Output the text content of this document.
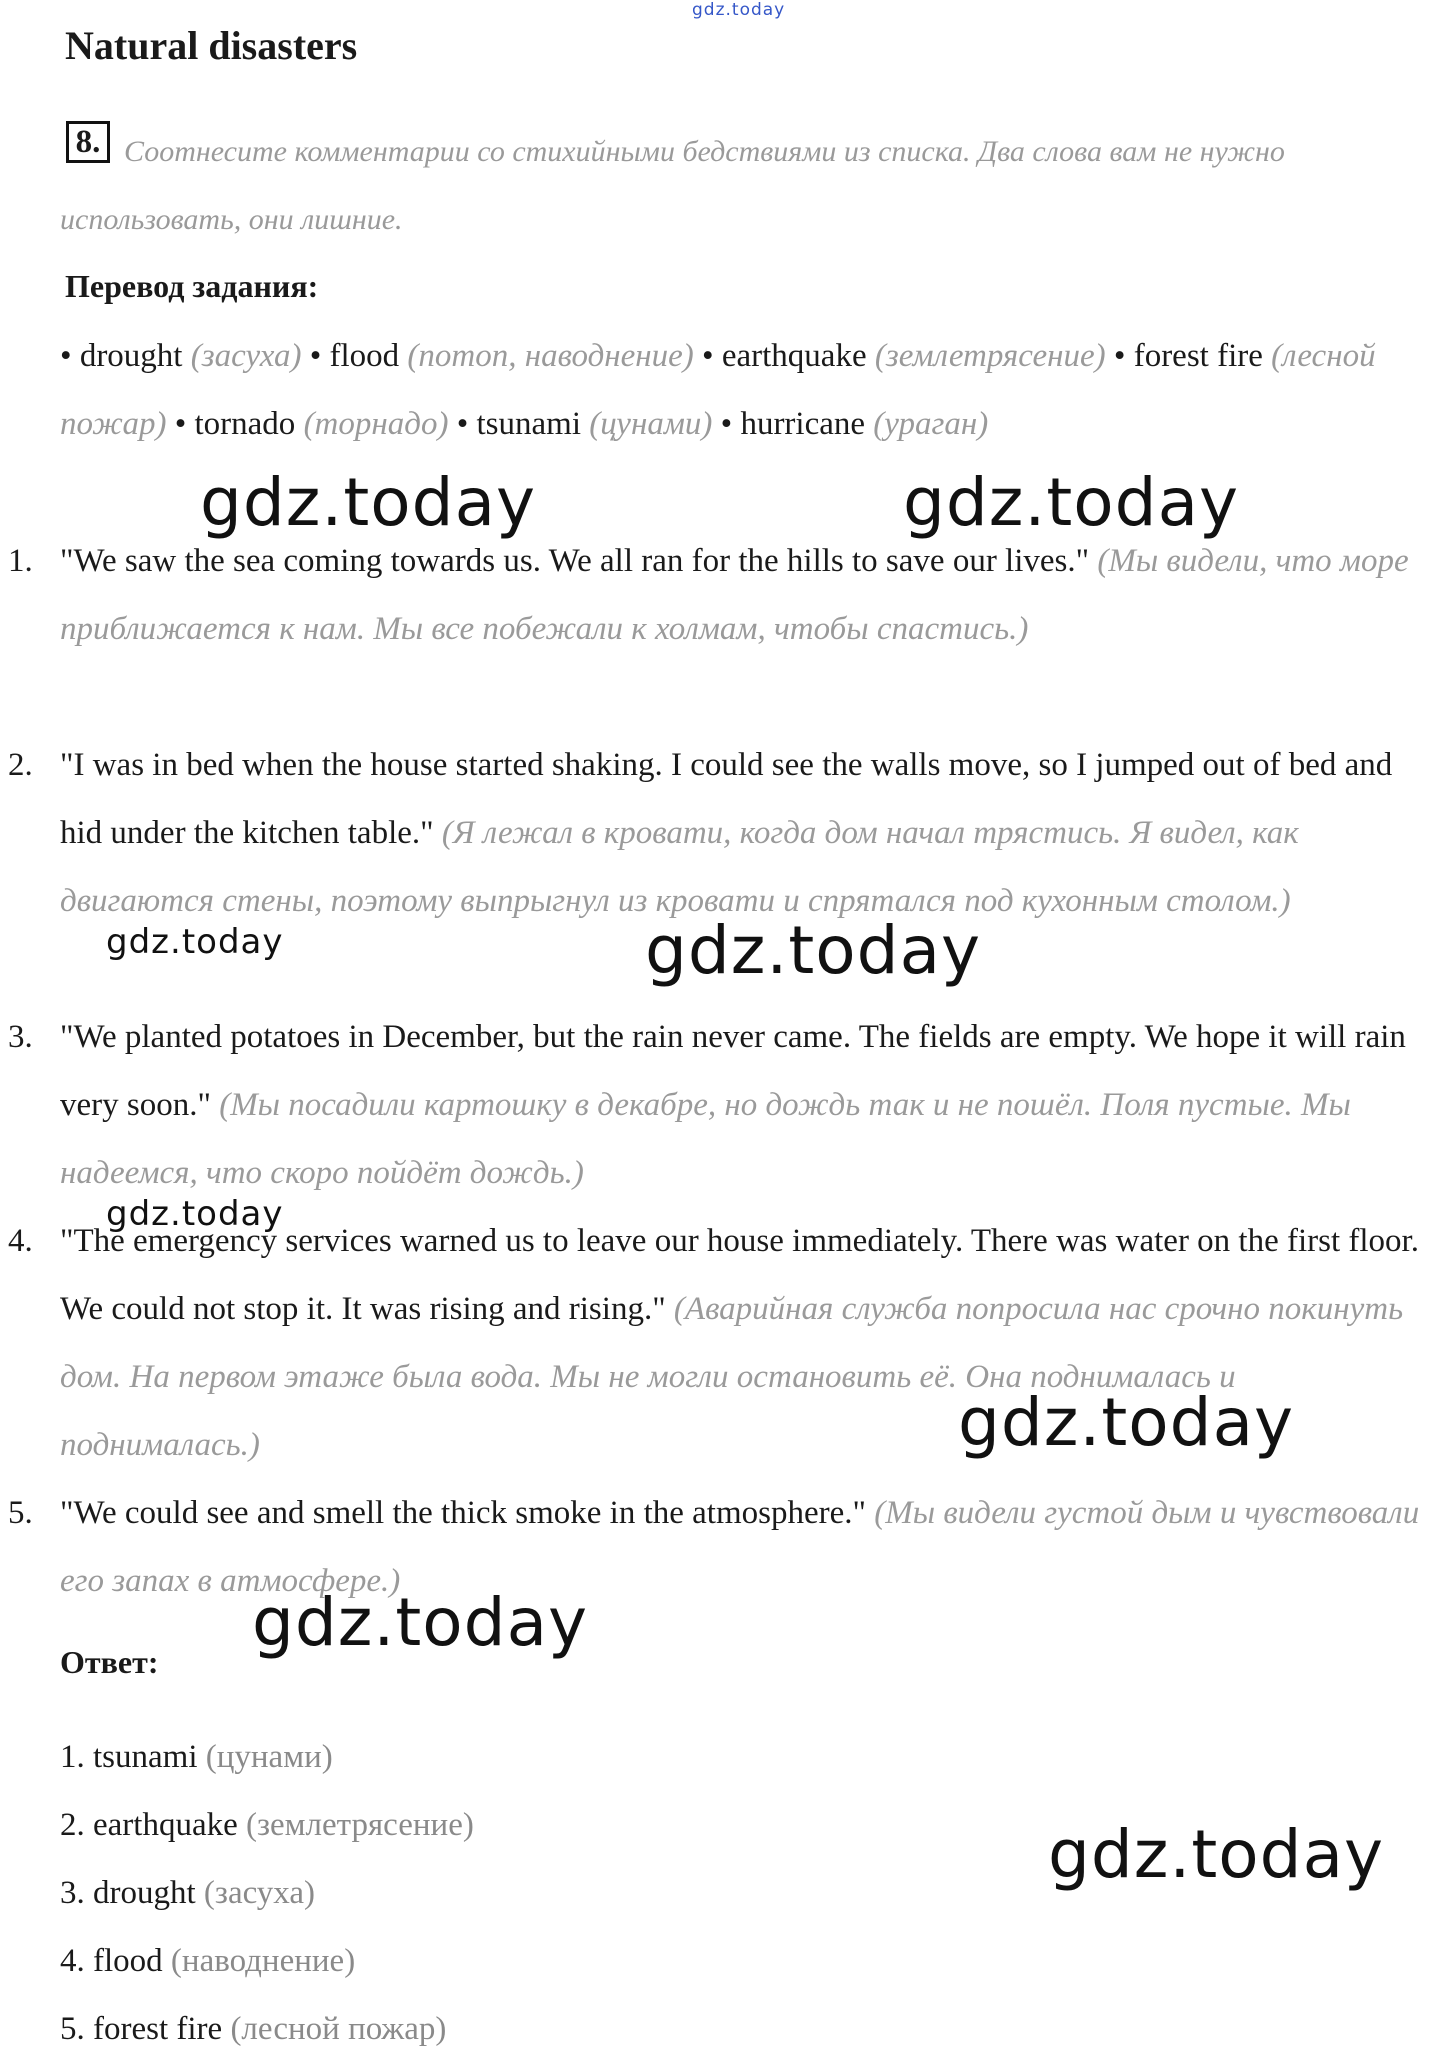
gdz.today
Natural disasters
Соотнесите комментарии со стихийными бедствиями из списка. Два слова вам не нужно использовать, они лишние.
8.
Перевод задания:
• drought (засуха) • flood (потоп, наводнение) • earthquake (землетрясение) • forest fire (лесной пожар) • tornado (торнадо) • tsunami (цунами) • hurricane (ураган)
1. "We saw the sea coming towards us. We all ran for the hills to save our lives." (Мы видели, что море приближается к нам. Мы все побежали к холмам, чтобы спастись.)
2. "I was in bed when the house started shaking. I could see the walls move, so I jumped out of bed and hid under the kitchen table." (Я лежал в кровати, когда дом начал трястись. Я видел, как двигаются стены, поэтому выпрыгнул из кровати и спрятался под кухонным столом.)
3. "We planted potatoes in December, but the rain never came. The fields are empty. We hope it will rain very soon." (Мы посадили картошку в декабре, но дождь так и не пошёл. Поля пустые. Мы надеемся, что скоро пойдёт дождь.)
4. "The emergency services warned us to leave our house immediately. There was water on the first floor. We could not stop it. It was rising and rising." (Аварийная служба попросила нас срочно покинуть дом. На первом этаже была вода. Мы не могли остановить её. Она поднималась и поднималась.)
5. "We could see and smell the thick smoke in the atmosphere." (Мы видели густой дым и чувствовали его запах в атмосфере.)
Ответ:
1. tsunami (цунами)
2. earthquake (землетрясение)
3. drought (засуха)
4. flood (наводнение)
5. forest fire (лесной пожар)
gdz.today	gdz.today
gdz.today	gdz.today
gdz.today
gdz.today
gdz.today
gdz.today
